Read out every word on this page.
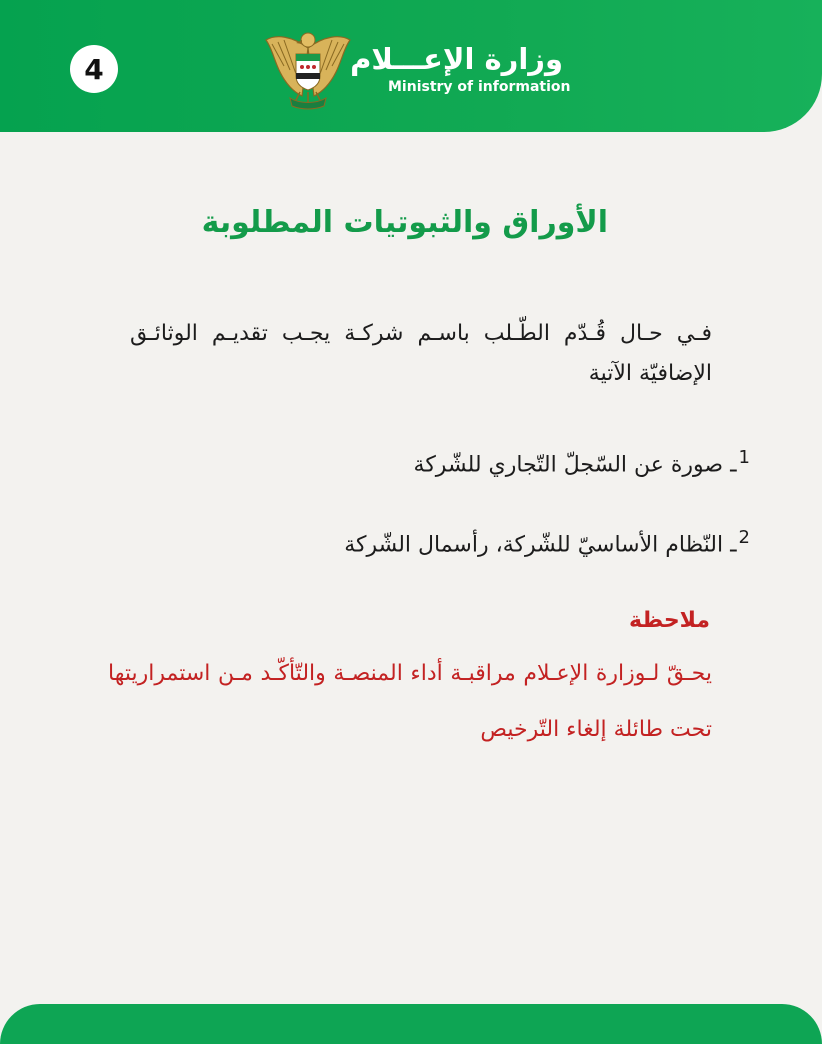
4	وزارة الإعـــلام
Ministry of information
الأوراق والثبوتيات المطلوبة
فـي حـال قُـدّم الطّـلب باسـم شركـة يجـب تقديـم الوثائـق الإضافيّة الآتية
$^1$ـ صورة عن السّجلّ التّجاري للشّركة
$^2$ـ النّظام الأساسيّ للشّركة، رأسمال الشّركة
ملاحظة
يحـقّ لـوزارة الإعـلام مراقبـة أداء المنصـة والتّأكّـد مـن استمراريتها تحت طائلة إلغاء التّرخيص
